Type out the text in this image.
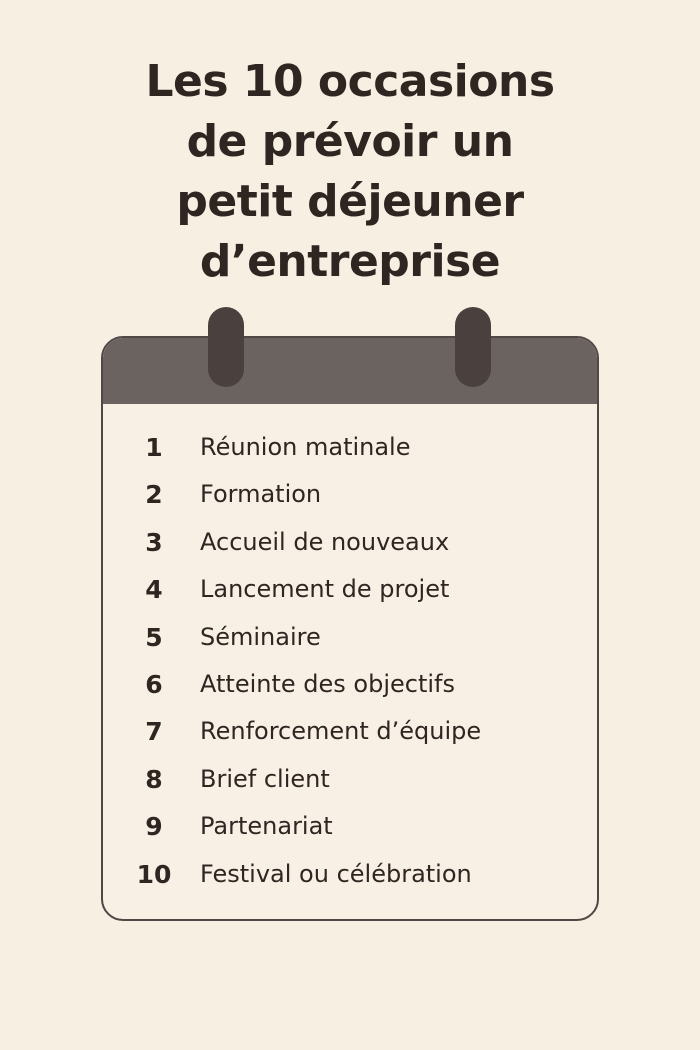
Les 10 occasions
de prévoir un
petit déjeuner
d’entreprise
1	Réunion matinale
2	Formation
3	Accueil de nouveaux
4	Lancement de projet
5	Séminaire
6	Atteinte des objectifs
7	Renforcement d’équipe
8	Brief client
9	Partenariat
10	Festival ou célébration
